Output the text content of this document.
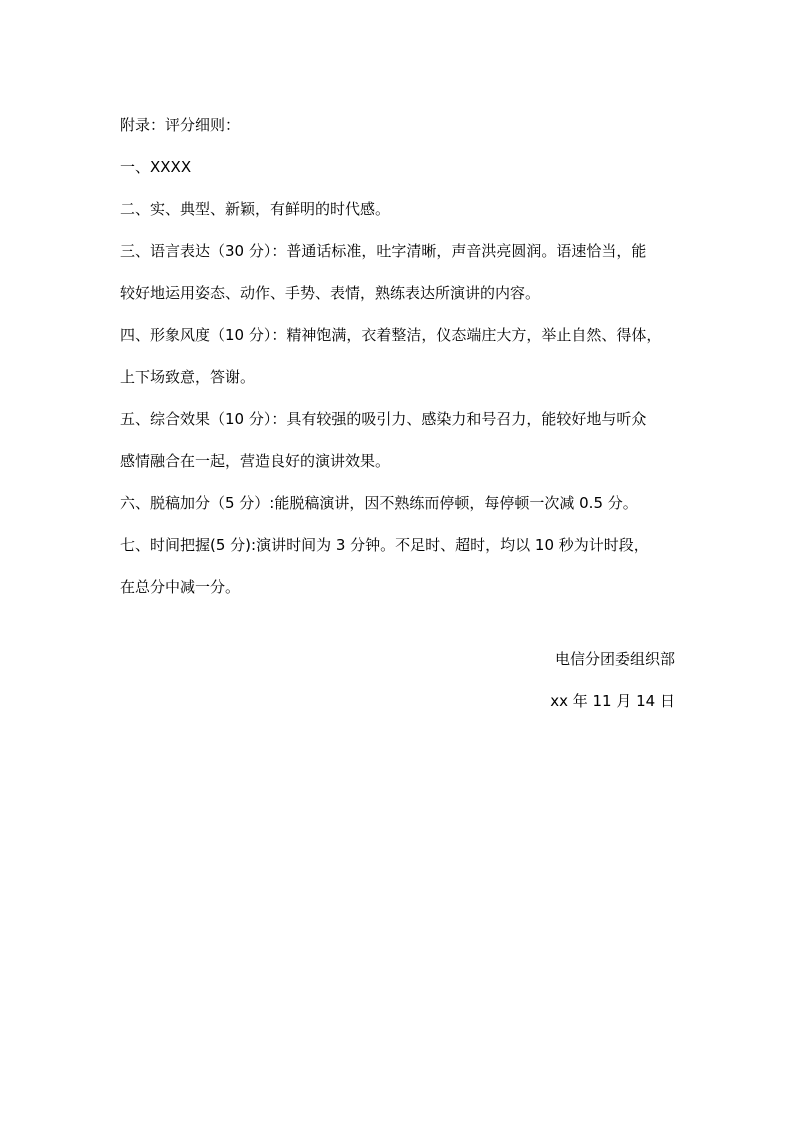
附录：评分细则：
一、XXXX
二、实、典型、新颖，有鲜明的时代感。
三、语言表达（30 分）：普通话标准，吐字清晰，声音洪亮圆润。语速恰当，能
较好地运用姿态、动作、手势、表情，熟练表达所演讲的内容。
四、形象风度（10 分）：精神饱满，衣着整洁，仪态端庄大方，举止自然、得体，
上下场致意，答谢。
五、综合效果（10 分）：具有较强的吸引力、感染力和号召力，能较好地与听众
感情融合在一起，营造良好的演讲效果。
六、脱稿加分（5 分）:能脱稿演讲，因不熟练而停顿，每停顿一次减 0.5 分。
七、时间把握(5 分):演讲时间为 3 分钟。不足时、超时，均以 10 秒为计时段，
在总分中减一分。
电信分团委组织部
xx 年 11 月 14 日
